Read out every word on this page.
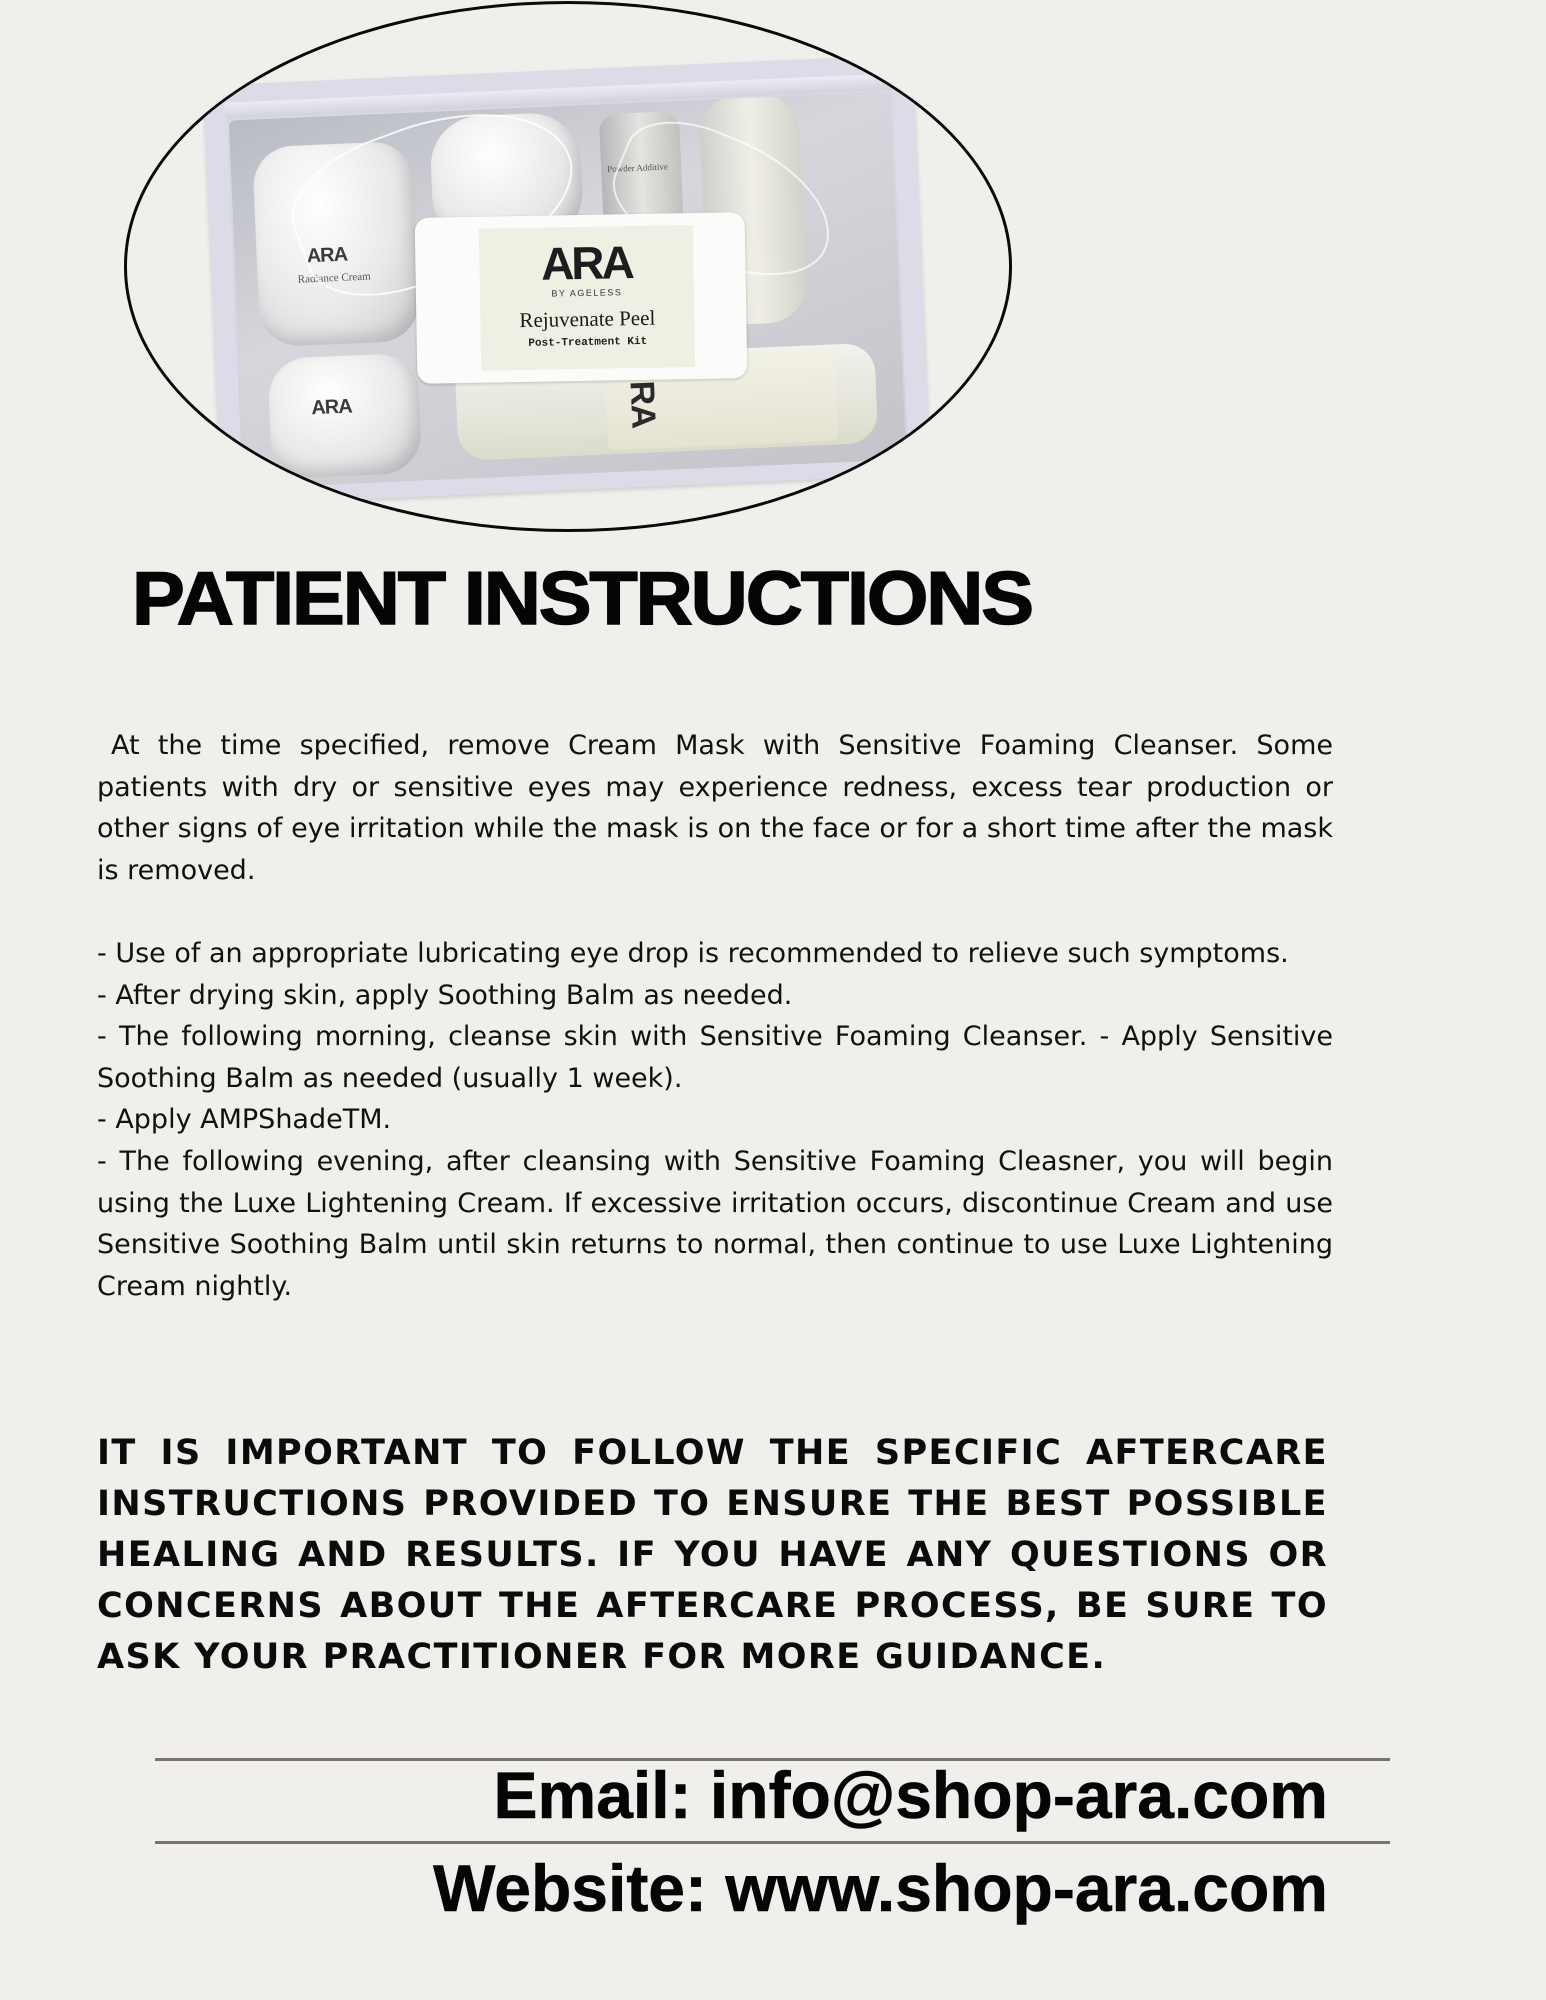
ARA
Radiance Cream
ARA
Powder Additive
RA
ARA
BY AGELESS
Rejuvenate Peel
Post-Treatment Kit
PATIENT INSTRUCTIONS

At the time specified, remove Cream Mask with Sensitive Foaming Cleanser. Some patients with dry or sensitive eyes may experience redness, excess tear production or other signs of eye irritation while the mask is on the face or for a short time after the mask is removed.

- Use of an appropriate lubricating eye drop is recommended to relieve such symptoms.

- After drying skin, apply Soothing Balm as needed.

- The following morning, cleanse skin with Sensitive Foaming Cleanser. - Apply Sensitive Soothing Balm as needed (usually 1 week).

- Apply AMPShadeTM.

- The following evening, after cleansing with Sensitive Foaming Cleasner, you will begin using the Luxe Lightening Cream. If excessive irritation occurs, discontinue Cream and use Sensitive Soothing Balm until skin returns to normal, then continue to use Luxe Lightening Cream nightly.

IT IS IMPORTANT TO FOLLOW THE SPECIFIC AFTERCARE INSTRUCTIONS PROVIDED TO ENSURE THE BEST POSSIBLE HEALING AND RESULTS. IF YOU HAVE ANY QUESTIONS OR CONCERNS ABOUT THE AFTERCARE PROCESS, BE SURE TO ASK YOUR PRACTITIONER FOR MORE GUIDANCE.

Email: info@shop-ara.com
Website: www.shop-ara.com
